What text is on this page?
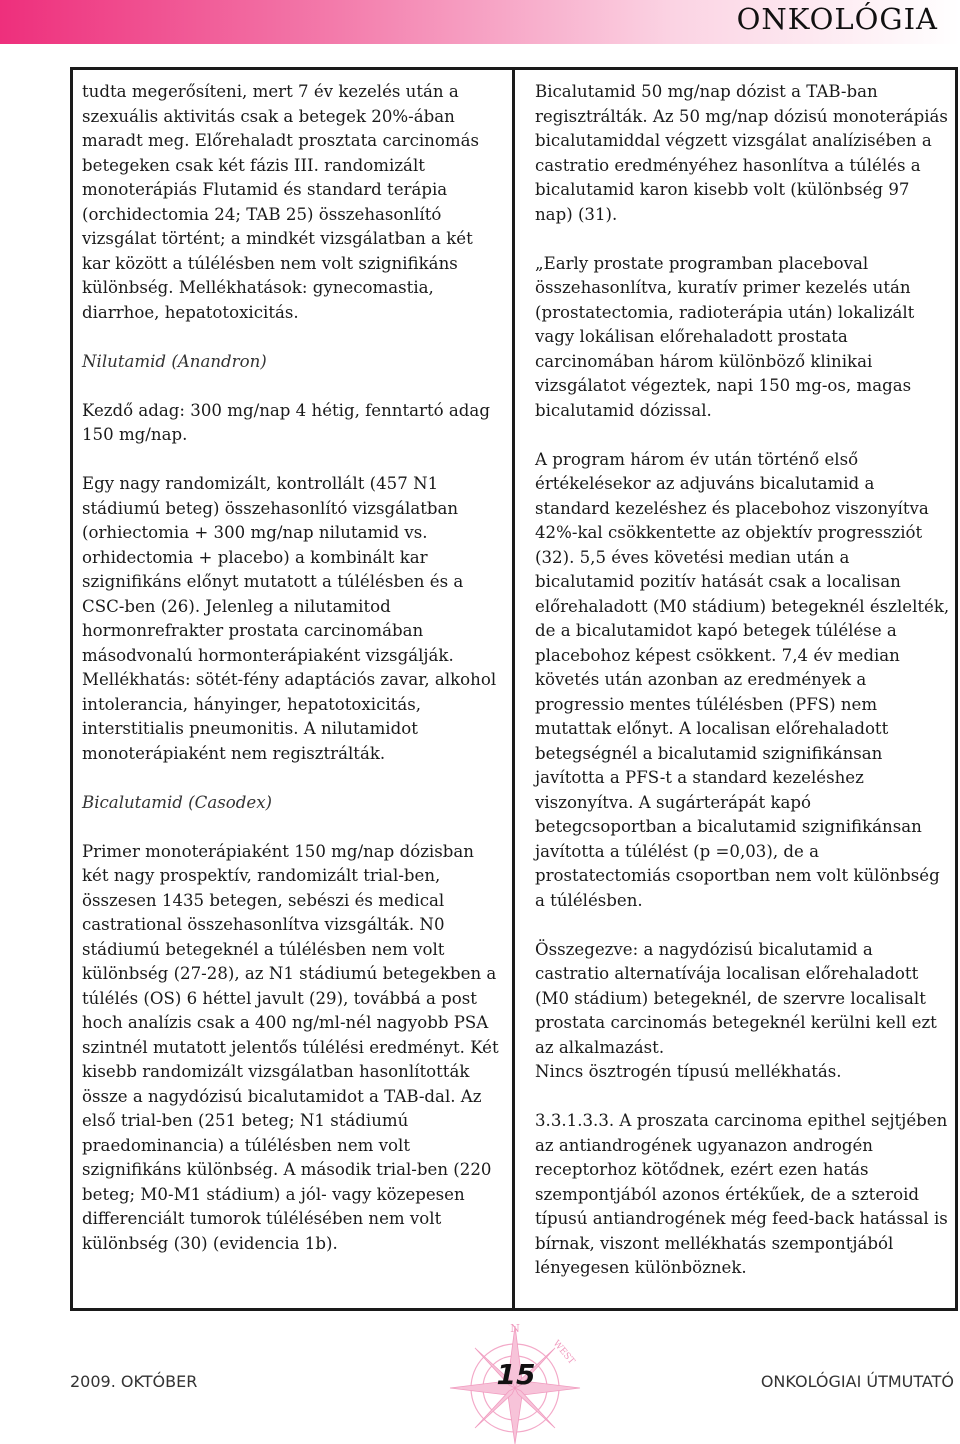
ONKOLÓGIA

tudta megerősíteni, mert 7 év kezelés után a szexuális aktivitás csak a betegek 20%-ában maradt meg. Előrehaladt prosztata carcinomás betegeken csak két fázis III. randomizált monoterápiás Flutamid és standard terápia (orchidectomia 24; TAB 25) összehasonlító vizsgálat történt; a mindkét vizsgálatban a két kar között a túlélésben nem volt szignifikáns különbség. Mellékhatások: gynecomastia, diarrhoe, hepatotoxicitás.

Nilutamid (Anandron)

Kezdő adag: 300 mg/nap 4 hétig, fenntartó adag 150 mg/nap.

Egy nagy randomizált, kontrollált (457 N1 stádiumú beteg) összehasonlító vizsgálatban (orhiectomia + 300 mg/nap nilutamid vs. orhidectomia + placebo) a kombinált kar szignifikáns előnyt mutatott a túlélésben és a CSC-ben (26). Jelenleg a nilutamitod hormonrefrakter prostata carcinomában másodvonalú hormonterápiaként vizsgálják. Mellékhatás: sötét-fény adaptációs zavar, alkohol intolerancia, hányinger, hepatotoxicitás, interstitialis pneumonitis. A nilutamidot monoterápiaként nem regisztrálták.

Bicalutamid (Casodex)

Primer monoterápiaként 150 mg/nap dózisban két nagy prospektív, randomizált trial-ben, összesen 1435 betegen, sebészi és medical castrational összehasonlítva vizsgálták. N0 stádiumú betegeknél a túlélésben nem volt különbség (27-28), az N1 stádiumú betegekben a túlélés (OS) 6 héttel javult (29), továbbá a post hoch analízis csak a 400 ng/ml-nél nagyobb PSA szintnél mutatott jelentős túlélési eredményt. Két kisebb randomizált vizsgálatban hasonlították össze a nagydózisú bicalutamidot a TAB-dal. Az első trial-ben (251 beteg; N1 stádiumú praedominancia) a túlélésben nem volt szignifikáns különbség. A második trial-ben (220 beteg; M0-M1 stádium) a jól- vagy közepesen differenciált tumorok túlélésében nem volt különbség (30) (evidencia 1b).

Bicalutamid 50 mg/nap dózist a TAB-ban regisztrálták. Az 50 mg/nap dózisú monoterápiás bicalutamiddal végzett vizsgálat analízisében a castratio eredményéhez hasonlítva a túlélés a bicalutamid karon kisebb volt (különbség 97 nap) (31).

„Early prostate programban placeboval összehasonlítva, kuratív primer kezelés után (prostatectomia, radioterápia után) lokalizált vagy lokálisan előrehaladott prostata carcinomában három különböző klinikai vizsgálatot végeztek, napi 150 mg-os, magas bicalutamid dózissal.

A program három év után történő első értékelésekor az adjuváns bicalutamid a standard kezeléshez és placebohoz viszonyítva 42%-kal csökkentette az objektív progressziót (32). 5,5 éves követési median után a bicalutamid pozitív hatását csak a localisan előrehaladott (M0 stádium) betegeknél észlelték, de a bicalutamidot kapó betegek túlélése a placebohoz képest csökkent. 7,4 év median követés után azonban az eredmények a progressio mentes túlélésben (PFS) nem mutattak előnyt. A localisan előrehaladott betegségnél a bicalutamid szignifikánsan javította a PFS-t a standard kezeléshez viszonyítva. A sugárterápát kapó betegcsoportban a bicalutamid szignifikánsan javította a túlélést (p =0,03), de a prostatectomiás csoportban nem volt különbség a túlélésben.

Összegezve: a nagydózisú bicalutamid a castratio alternatívája localisan előrehaladott (M0 stádium) betegeknél, de szervre localisalt prostata carcinomás betegeknél kerülni kell ezt az alkalmazást.

Nincs ösztrogén típusú mellékhatás.

3.3.1.3.3. A proszata carcinoma epithel sejtjében az antiandrogének ugyanazon androgén receptorhoz kötődnek, ezért ezen hatás szempontjából azonos értékűek, de a szteroid típusú antiandrogének még feed-back hatással is bírnak, viszont mellékhatás szempontjából lényegesen különböznek.

2009. OKTÓBER
N
WEST
15	ONKOLÓGIAI ÚTMUTATÓ
